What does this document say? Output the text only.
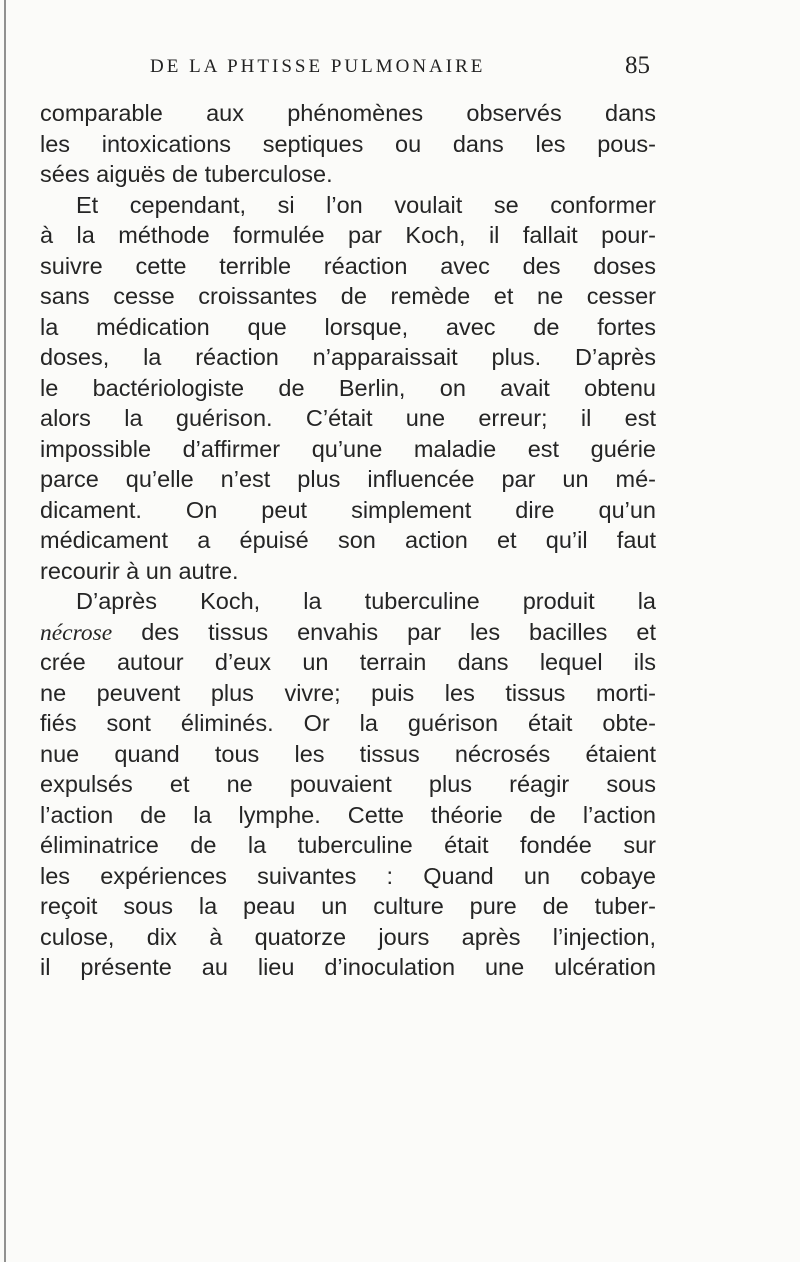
DE LA PHTISSE PULMONAIRE	85
comparable aux phénomènes observés dans
les intoxications septiques ou dans les pous-
sées aiguës de tuberculose.
Et cependant, si l’on voulait se conformer
à la méthode formulée par Koch, il fallait pour-
suivre cette terrible réaction avec des doses
sans cesse croissantes de remède et ne cesser
la médication que lorsque, avec de fortes
doses, la réaction n’apparaissait plus. D’après
le bactériologiste de Berlin, on avait obtenu
alors la guérison. C’était une erreur; il est
impossible d’affirmer qu’une maladie est guérie
parce qu’elle n’est plus influencée par un mé-
dicament. On peut simplement dire qu’un
médicament a épuisé son action et qu’il faut
recourir à un autre.
D’après Koch, la tuberculine produit la
nécrose des tissus envahis par les bacilles et
crée autour d’eux un terrain dans lequel ils
ne peuvent plus vivre; puis les tissus morti-
fiés sont éliminés. Or la guérison était obte-
nue quand tous les tissus nécrosés étaient
expulsés et ne pouvaient plus réagir sous
l’action de la lymphe. Cette théorie de l’action
éliminatrice de la tuberculine était fondée sur
les expériences suivantes : Quand un cobaye
reçoit sous la peau un culture pure de tuber-
culose, dix à quatorze jours après l’injection,
il présente au lieu d’inoculation une ulcération
